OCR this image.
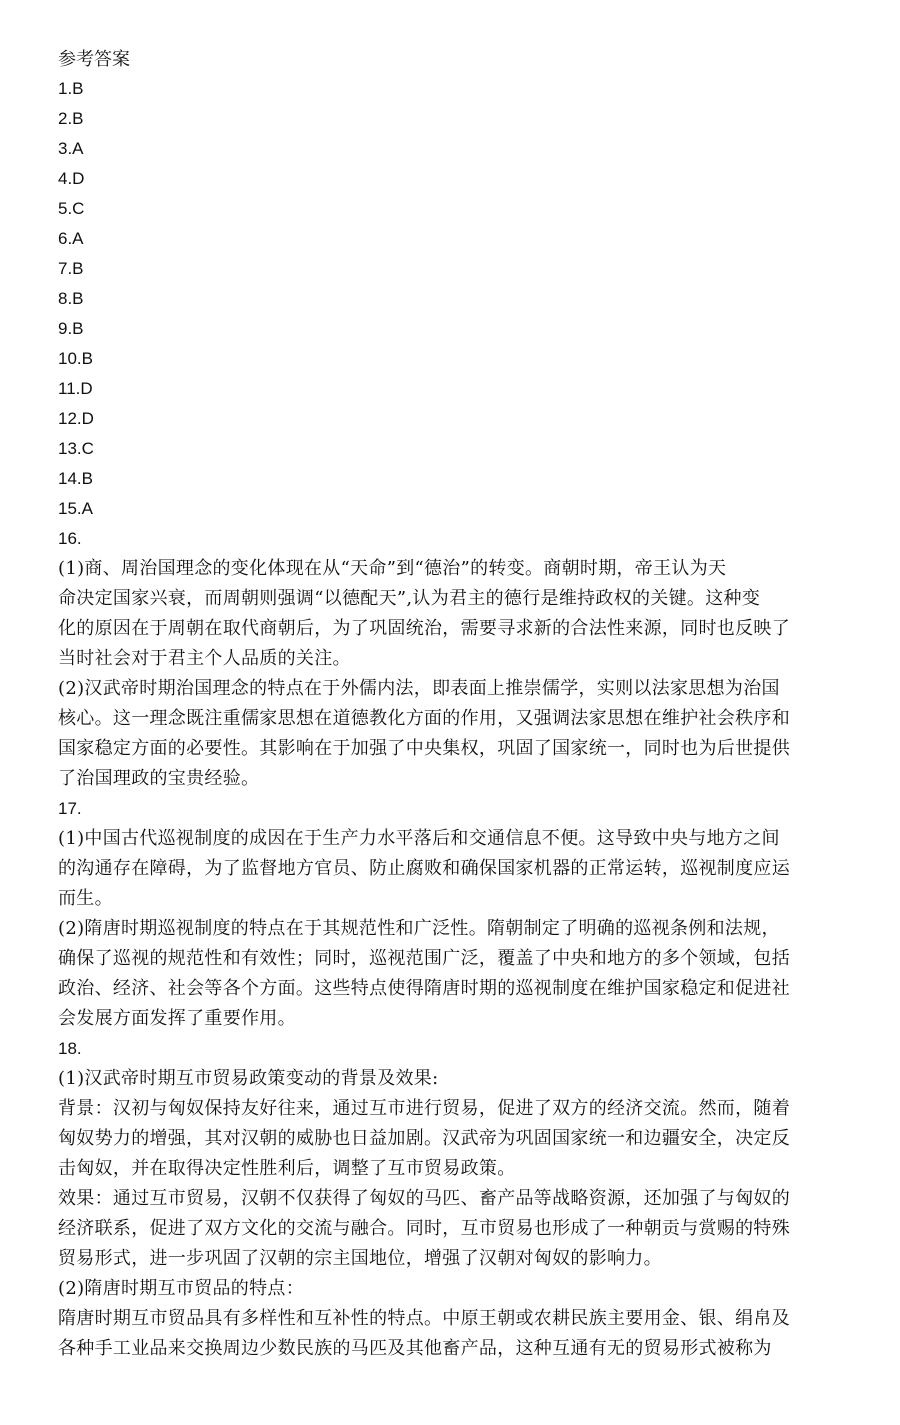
参考答案
1.B
2.B
3.A
4.D
5.C
6.A
7.B
8.B
9.B
10.B
11.D
12.D
13.C
14.B
15.A
16.
(1)商、周治国理念的变化体现在从“天命”到“德治”的转变。商朝时期，帝王认为天
命决定国家兴衰，而周朝则强调“以德配天”,认为君主的德行是维持政权的关键。这种变
化的原因在于周朝在取代商朝后，为了巩固统治，需要寻求新的合法性来源，同时也反映了
当时社会对于君主个人品质的关注。
(2)汉武帝时期治国理念的特点在于外儒内法，即表面上推崇儒学，实则以法家思想为治国
核心。这一理念既注重儒家思想在道德教化方面的作用，又强调法家思想在维护社会秩序和
国家稳定方面的必要性。其影响在于加强了中央集权，巩固了国家统一，同时也为后世提供
了治国理政的宝贵经验。
17.
(1)中国古代巡视制度的成因在于生产力水平落后和交通信息不便。这导致中央与地方之间
的沟通存在障碍，为了监督地方官员、防止腐败和确保国家机器的正常运转，巡视制度应运
而生。
(2)隋唐时期巡视制度的特点在于其规范性和广泛性。隋朝制定了明确的巡视条例和法规，
确保了巡视的规范性和有效性；同时，巡视范围广泛，覆盖了中央和地方的多个领域，包括
政治、经济、社会等各个方面。这些特点使得隋唐时期的巡视制度在维护国家稳定和促进社
会发展方面发挥了重要作用。
18.
(1)汉武帝时期互市贸易政策变动的背景及效果:
背景：汉初与匈奴保持友好往来，通过互市进行贸易，促进了双方的经济交流。然而，随着
匈奴势力的增强，其对汉朝的威胁也日益加剧。汉武帝为巩固国家统一和边疆安全，决定反
击匈奴，并在取得决定性胜利后，调整了互市贸易政策。
效果：通过互市贸易，汉朝不仅获得了匈奴的马匹、畜产品等战略资源，还加强了与匈奴的
经济联系，促进了双方文化的交流与融合。同时，互市贸易也形成了一种朝贡与赏赐的特殊
贸易形式，进一步巩固了汉朝的宗主国地位，增强了汉朝对匈奴的影响力。
(2)隋唐时期互市贸品的特点：
隋唐时期互市贸品具有多样性和互补性的特点。中原王朝或农耕民族主要用金、银、绢帛及
各种手工业品来交换周边少数民族的马匹及其他畜产品，这种互通有无的贸易形式被称为
